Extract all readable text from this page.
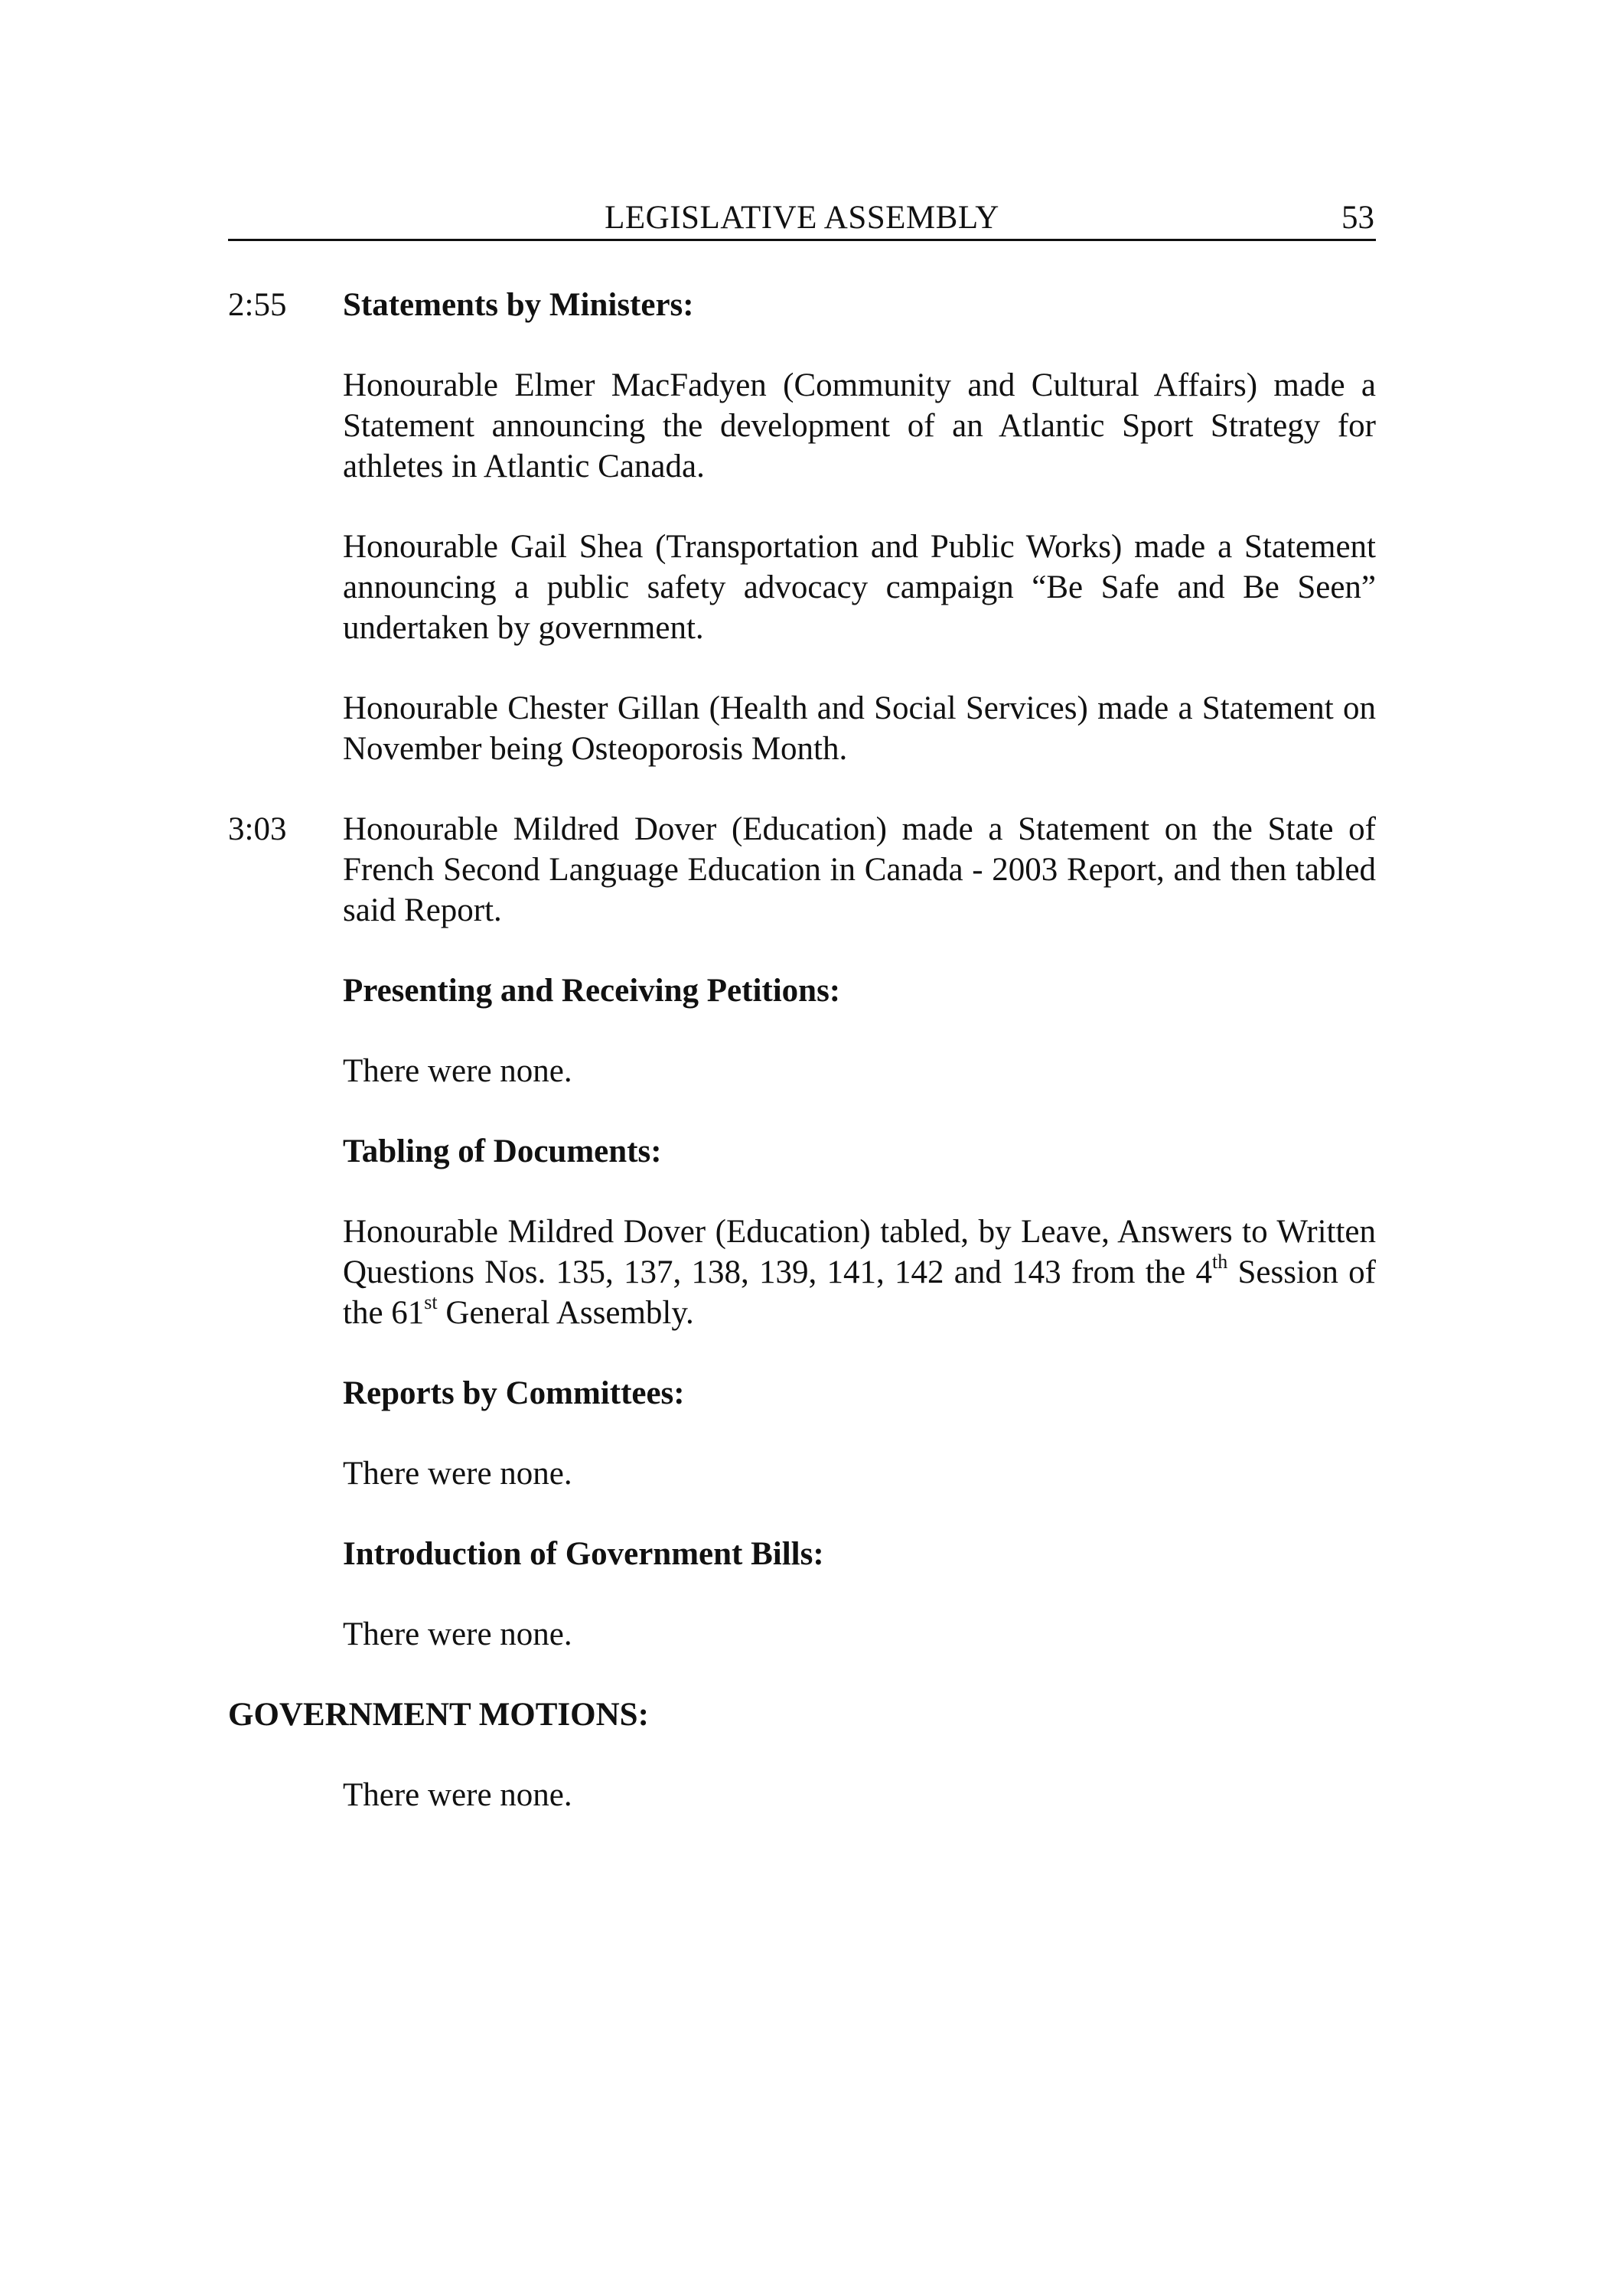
LEGISLATIVE ASSEMBLY	53
2:55 Statements by Ministers:

Honourable Elmer MacFadyen (Community and Cultural Affairs) made a Statement announcing the development of an Atlantic Sport Strategy for athletes in Atlantic Canada.

Honourable Gail Shea (Transportation and Public Works) made a Statement announcing a public safety advocacy campaign “Be Safe and Be Seen” undertaken by government.

Honourable Chester Gillan (Health and Social Services) made a Statement on November being Osteoporosis Month.

3:03 Honourable Mildred Dover (Education) made a Statement on the State of French Second Language Education in Canada - 2003 Report, and then tabled said Report.

Presenting and Receiving Petitions:

There were none.

Tabling of Documents:

Honourable Mildred Dover (Education) tabled, by Leave, Answers to Written Questions Nos. 135, 137, 138, 139, 141, 142 and 143 from the 4th Session of the 61st General Assembly.

Reports by Committees:

There were none.

Introduction of Government Bills:

There were none.

GOVERNMENT MOTIONS:

There were none.
